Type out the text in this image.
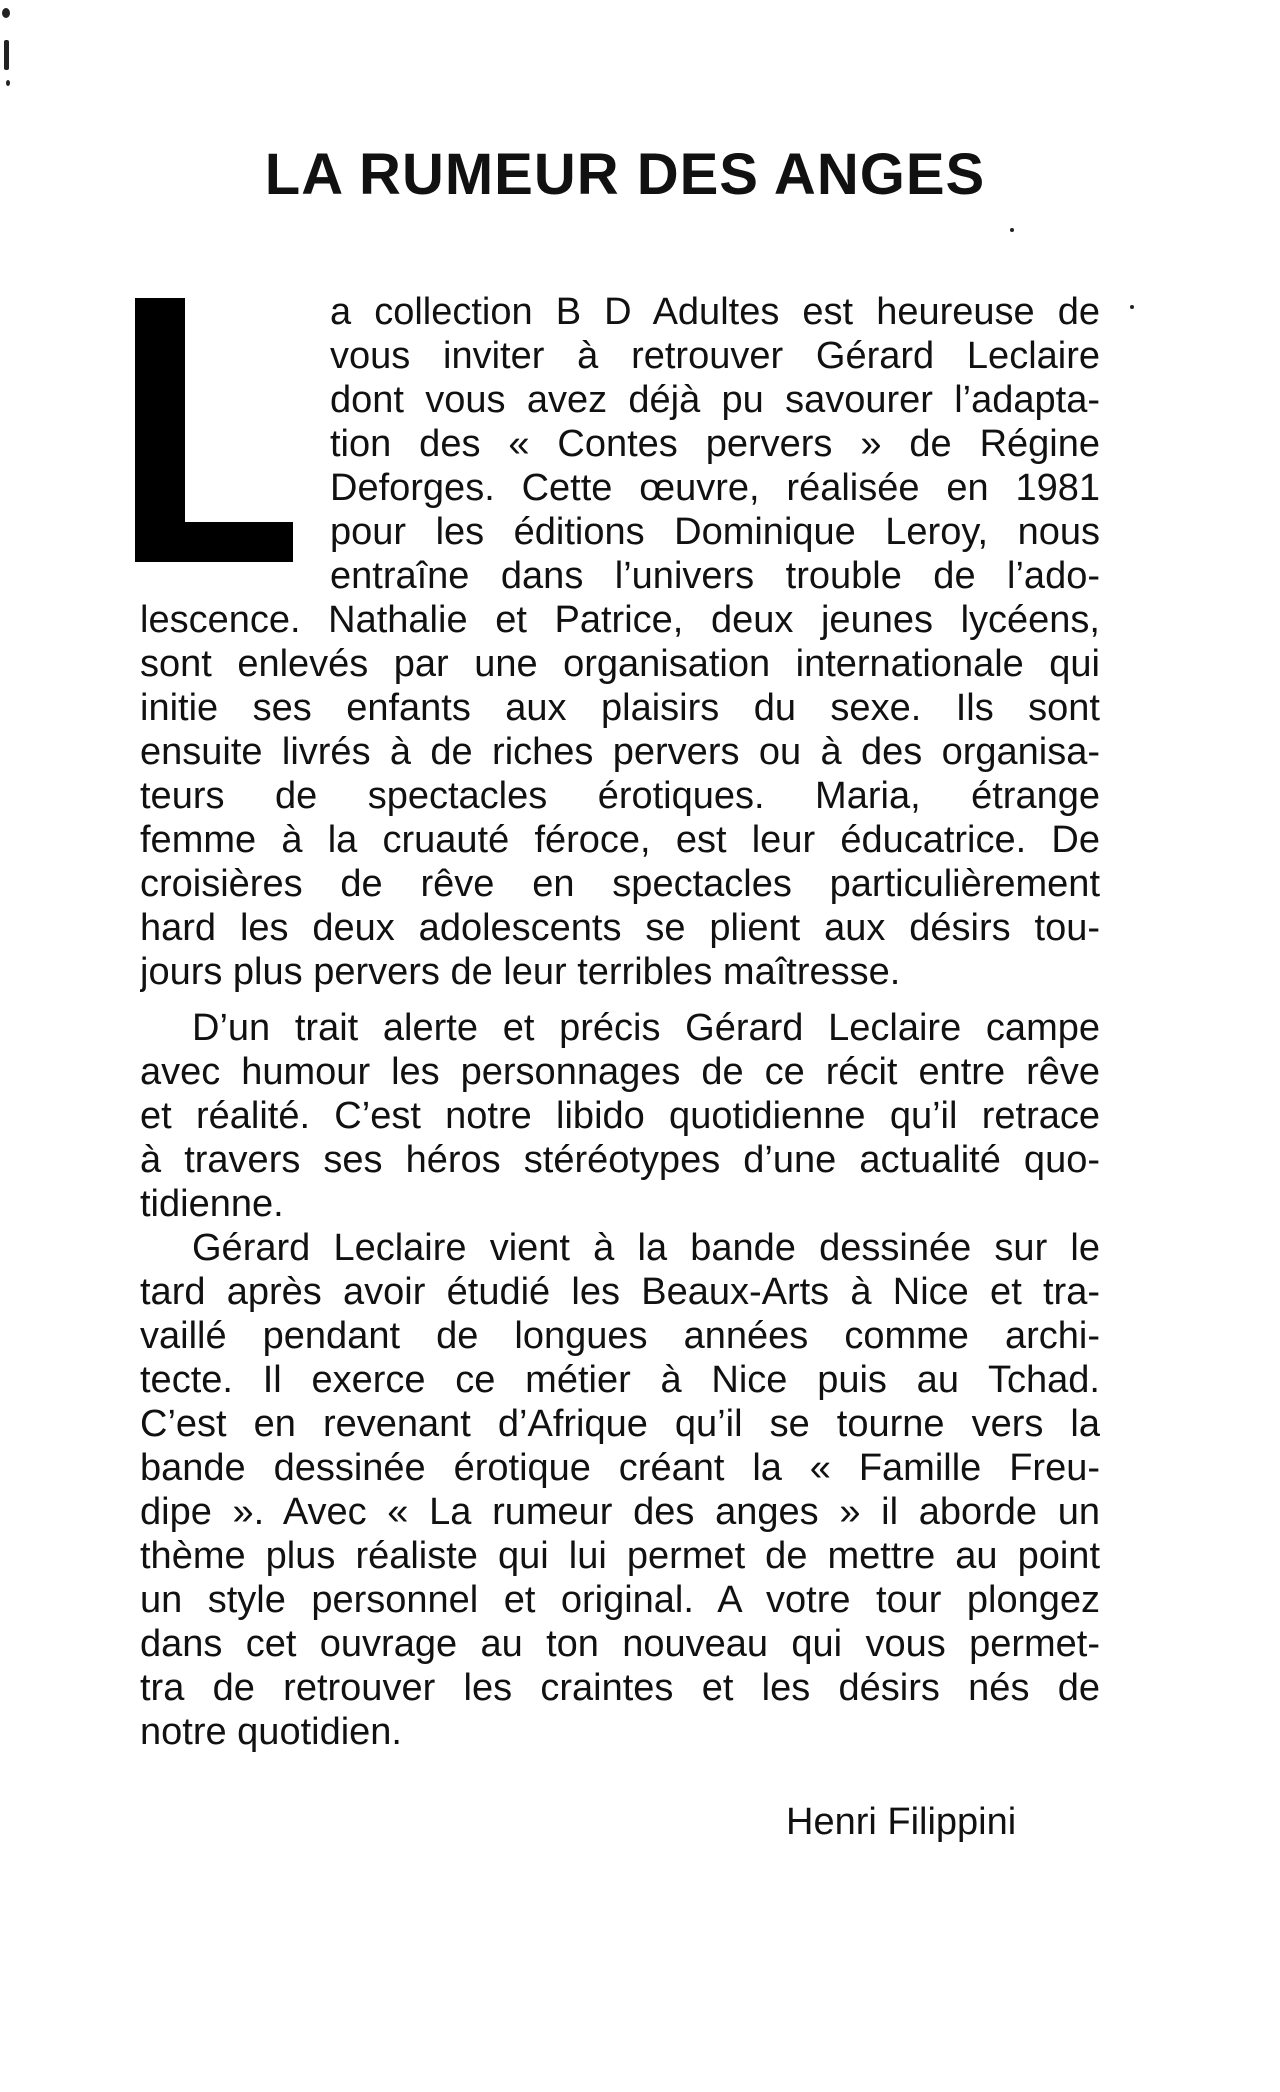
LA RUMEUR DES ANGES
a collection B D Adultes est heureuse de
vous inviter à retrouver Gérard Leclaire
dont vous avez déjà pu savourer l’adapta-
tion des « Contes pervers » de Régine
Deforges. Cette œuvre, réalisée en 1981
pour les éditions Dominique Leroy, nous
entraîne dans l’univers trouble de l’ado-
lescence. Nathalie et Patrice, deux jeunes lycéens,
sont enlevés par une organisation internationale qui
initie ses enfants aux plaisirs du sexe. Ils sont
ensuite livrés à de riches pervers ou à des organisa-
teurs de spectacles érotiques. Maria, étrange
femme à la cruauté féroce, est leur éducatrice. De
croisières de rêve en spectacles particulièrement
hard les deux adolescents se plient aux désirs tou-
jours plus pervers de leur terribles maîtresse.
D’un trait alerte et précis Gérard Leclaire campe
avec humour les personnages de ce récit entre rêve
et réalité. C’est notre libido quotidienne qu’il retrace
à travers ses héros stéréotypes d’une actualité quo-
tidienne.
Gérard Leclaire vient à la bande dessinée sur le
tard après avoir étudié les Beaux-Arts à Nice et tra-
vaillé pendant de longues années comme archi-
tecte. Il exerce ce métier à Nice puis au Tchad.
C’est en revenant d’Afrique qu’il se tourne vers la
bande dessinée érotique créant la « Famille Freu-
dipe ». Avec « La rumeur des anges » il aborde un
thème plus réaliste qui lui permet de mettre au point
un style personnel et original. A votre tour plongez
dans cet ouvrage au ton nouveau qui vous permet-
tra de retrouver les craintes et les désirs nés de
notre quotidien.
Henri Filippini
